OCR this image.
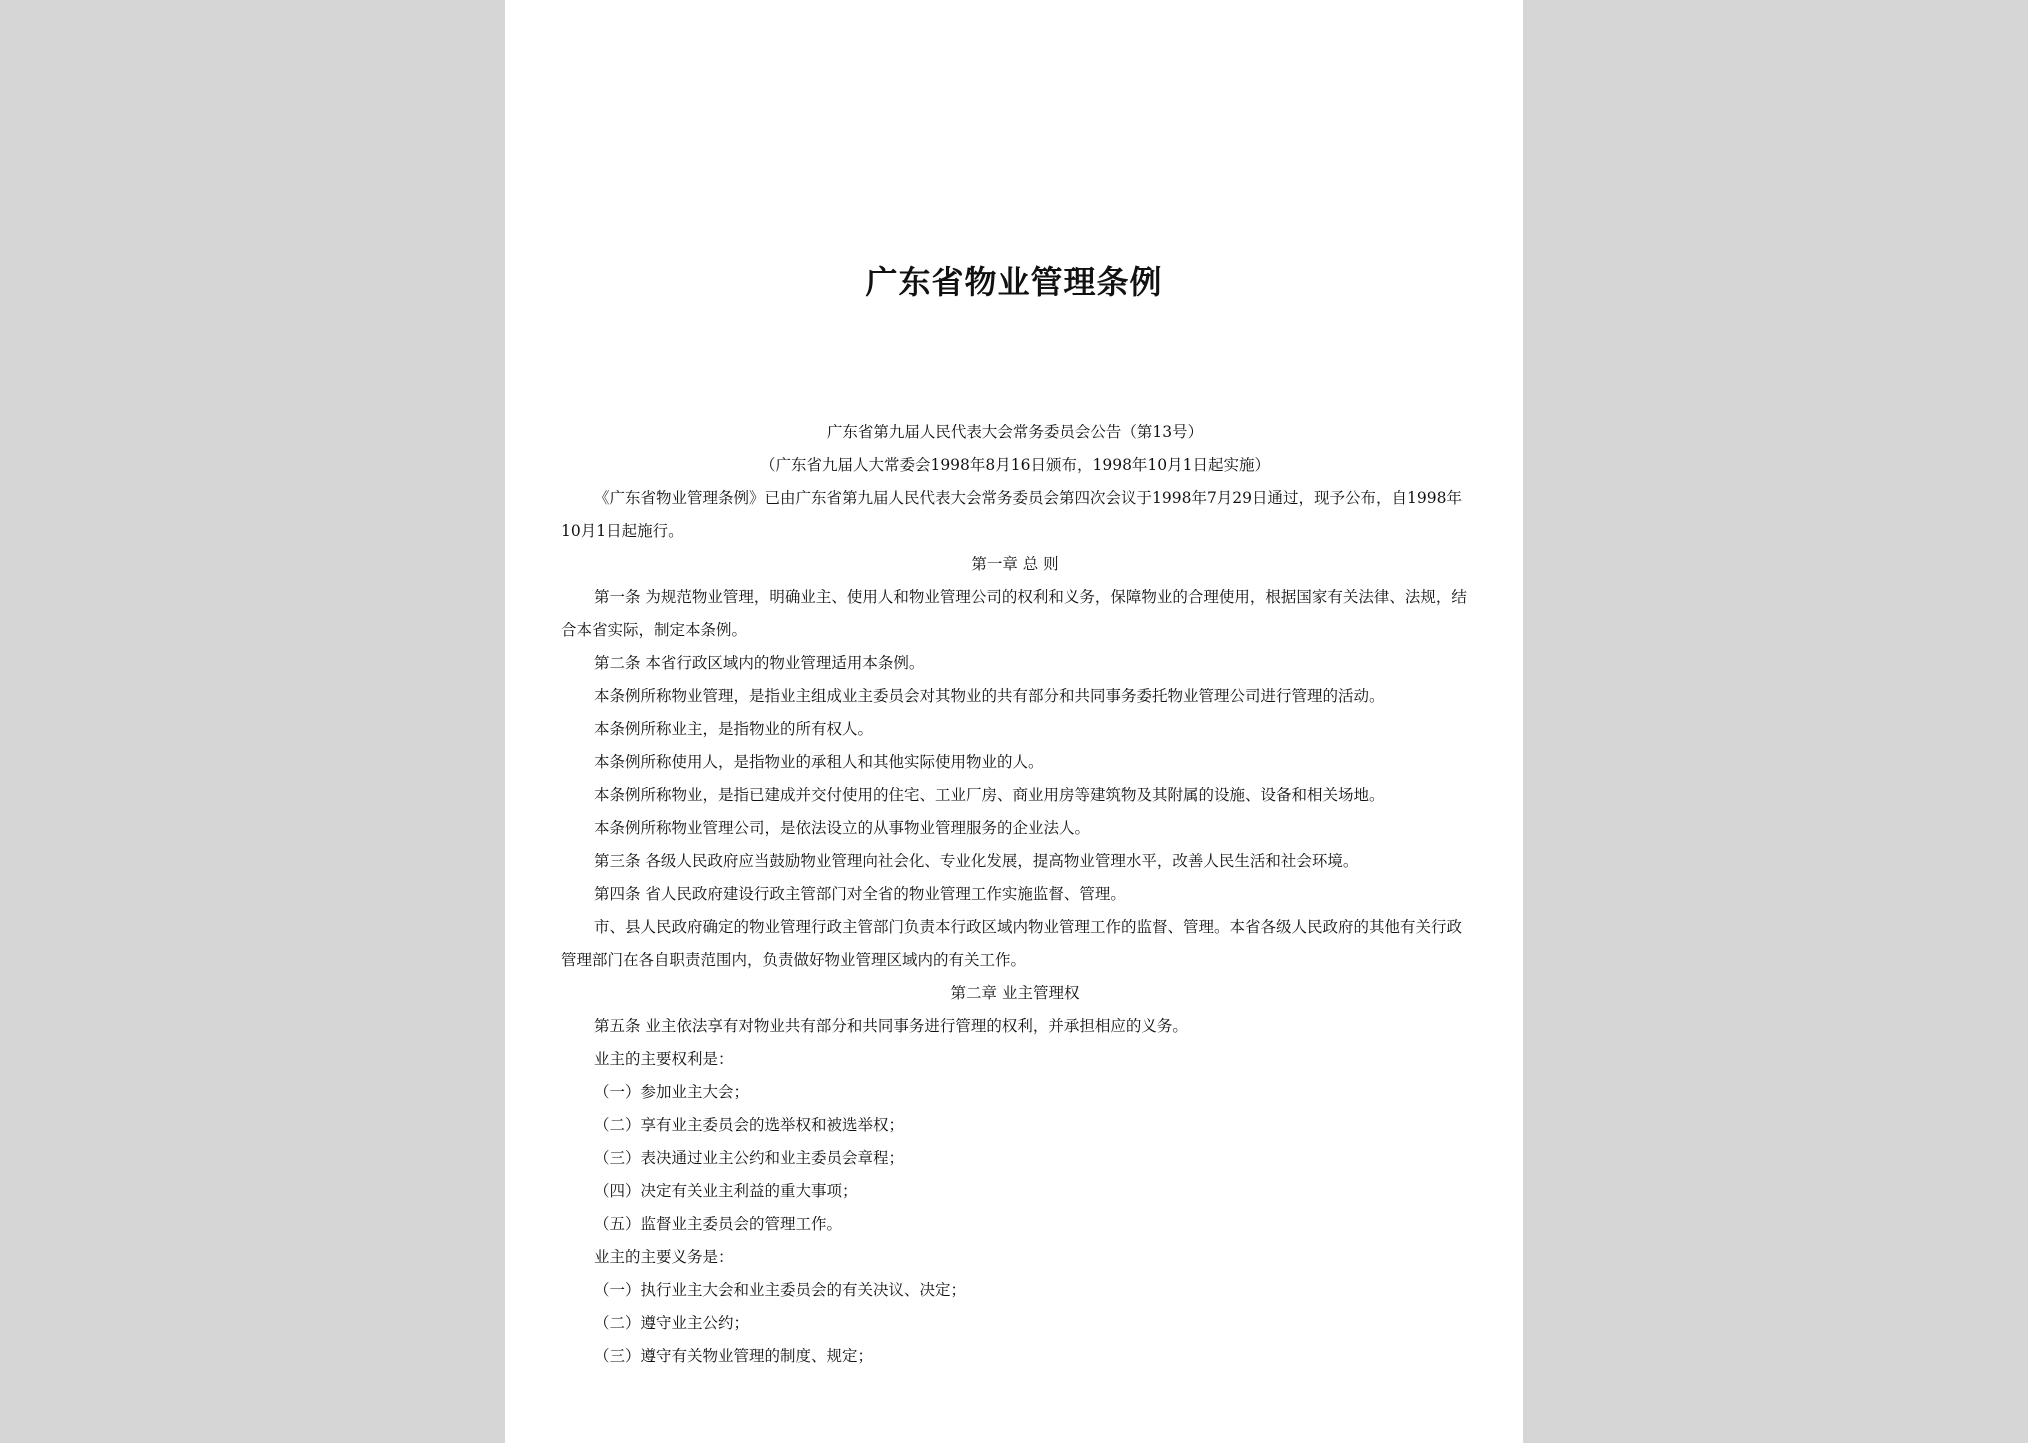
广东省物业管理条例
广东省第九届人民代表大会常务委员会公告（第13号）
（广东省九届人大常委会1998年8月16日颁布，1998年10月1日起实施）
《广东省物业管理条例》已由广东省第九届人民代表大会常务委员会第四次会议于1998年7月29日通过，现予公布，自1998年10月1日起施行。
第一章 总 则
第一条 为规范物业管理，明确业主、使用人和物业管理公司的权利和义务，保障物业的合理使用，根据国家有关法律、法规，结合本省实际，制定本条例。
第二条 本省行政区域内的物业管理适用本条例。
本条例所称物业管理，是指业主组成业主委员会对其物业的共有部分和共同事务委托物业管理公司进行管理的活动。
本条例所称业主，是指物业的所有权人。
本条例所称使用人，是指物业的承租人和其他实际使用物业的人。
本条例所称物业，是指已建成并交付使用的住宅、工业厂房、商业用房等建筑物及其附属的设施、设备和相关场地。
本条例所称物业管理公司，是依法设立的从事物业管理服务的企业法人。
第三条 各级人民政府应当鼓励物业管理向社会化、专业化发展，提高物业管理水平，改善人民生活和社会环境。
第四条 省人民政府建设行政主管部门对全省的物业管理工作实施监督、管理。
市、县人民政府确定的物业管理行政主管部门负责本行政区域内物业管理工作的监督、管理。本省各级人民政府的其他有关行政管理部门在各自职责范围内，负责做好物业管理区域内的有关工作。
第二章 业主管理权
第五条 业主依法享有对物业共有部分和共同事务进行管理的权利，并承担相应的义务。
业主的主要权利是：
（一）参加业主大会；
（二）享有业主委员会的选举权和被选举权；
（三）表决通过业主公约和业主委员会章程；
（四）决定有关业主利益的重大事项；
（五）监督业主委员会的管理工作。
业主的主要义务是：
（一）执行业主大会和业主委员会的有关决议、决定；
（二）遵守业主公约；
（三）遵守有关物业管理的制度、规定；
